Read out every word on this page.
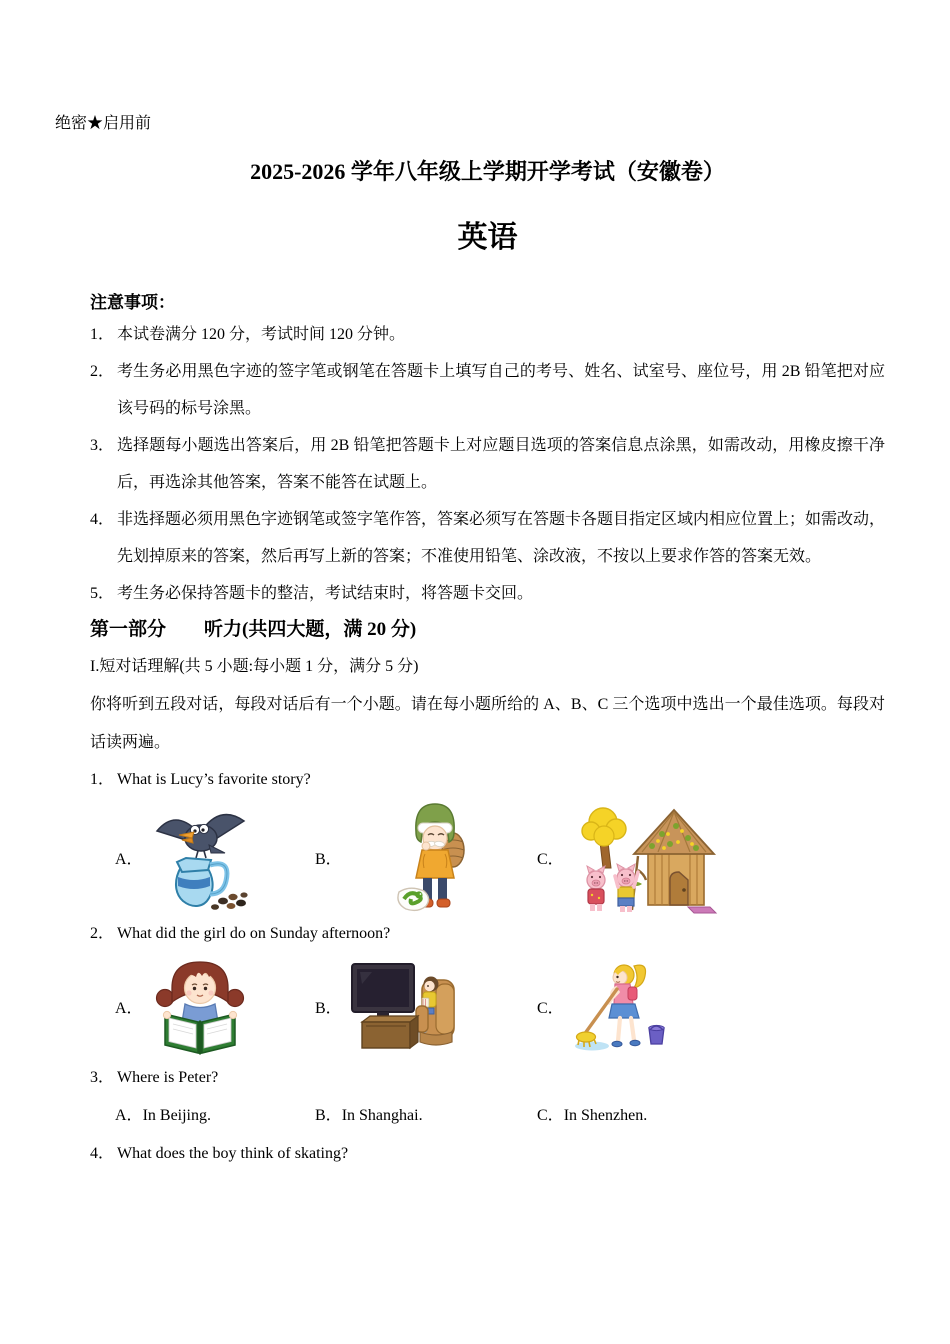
绝密★启用前
2025-2026 学年八年级上学期开学考试（安徽卷）
英语
注意事项：
1． 本试卷满分 120 分，考试时间 120 分钟。
2． 考生务必用黑色字迹的签字笔或钢笔在答题卡上填写自己的考号、姓名、试室号、座位号，用 2B 铅笔把对应该号码的标号涂黑。
3． 选择题每小题选出答案后，用 2B 铅笔把答题卡上对应题目选项的答案信息点涂黑，如需改动，用橡皮擦干净后，再选涂其他答案，答案不能答在试题上。
4． 非选择题必须用黑色字迹钢笔或签字笔作答，答案必须写在答题卡各题目指定区域内相应位置上；如需改动，先划掉原来的答案，然后再写上新的答案；不准使用铅笔、涂改液，不按以上要求作答的答案无效。
5． 考生务必保持答题卡的整洁，考试结束时，将答题卡交回。
第一部分　　听力(共四大题，满 20 分)
I.短对话理解(共 5 小题:每小题 1 分，满分 5 分)
你将听到五段对话，每段对话后有一个小题。请在每小题所给的 A、B、C 三个选项中选出一个最佳选项。每段对话读两遍。
1． What is Lucy’s favorite story?
A．	B．	C．
2． What did the girl do on Sunday afternoon?
A．	B．	C．
3． Where is Peter?
A．In Beijing.	B．In Shanghai.	C．In Shenzhen.
4． What does the boy think of skating?
